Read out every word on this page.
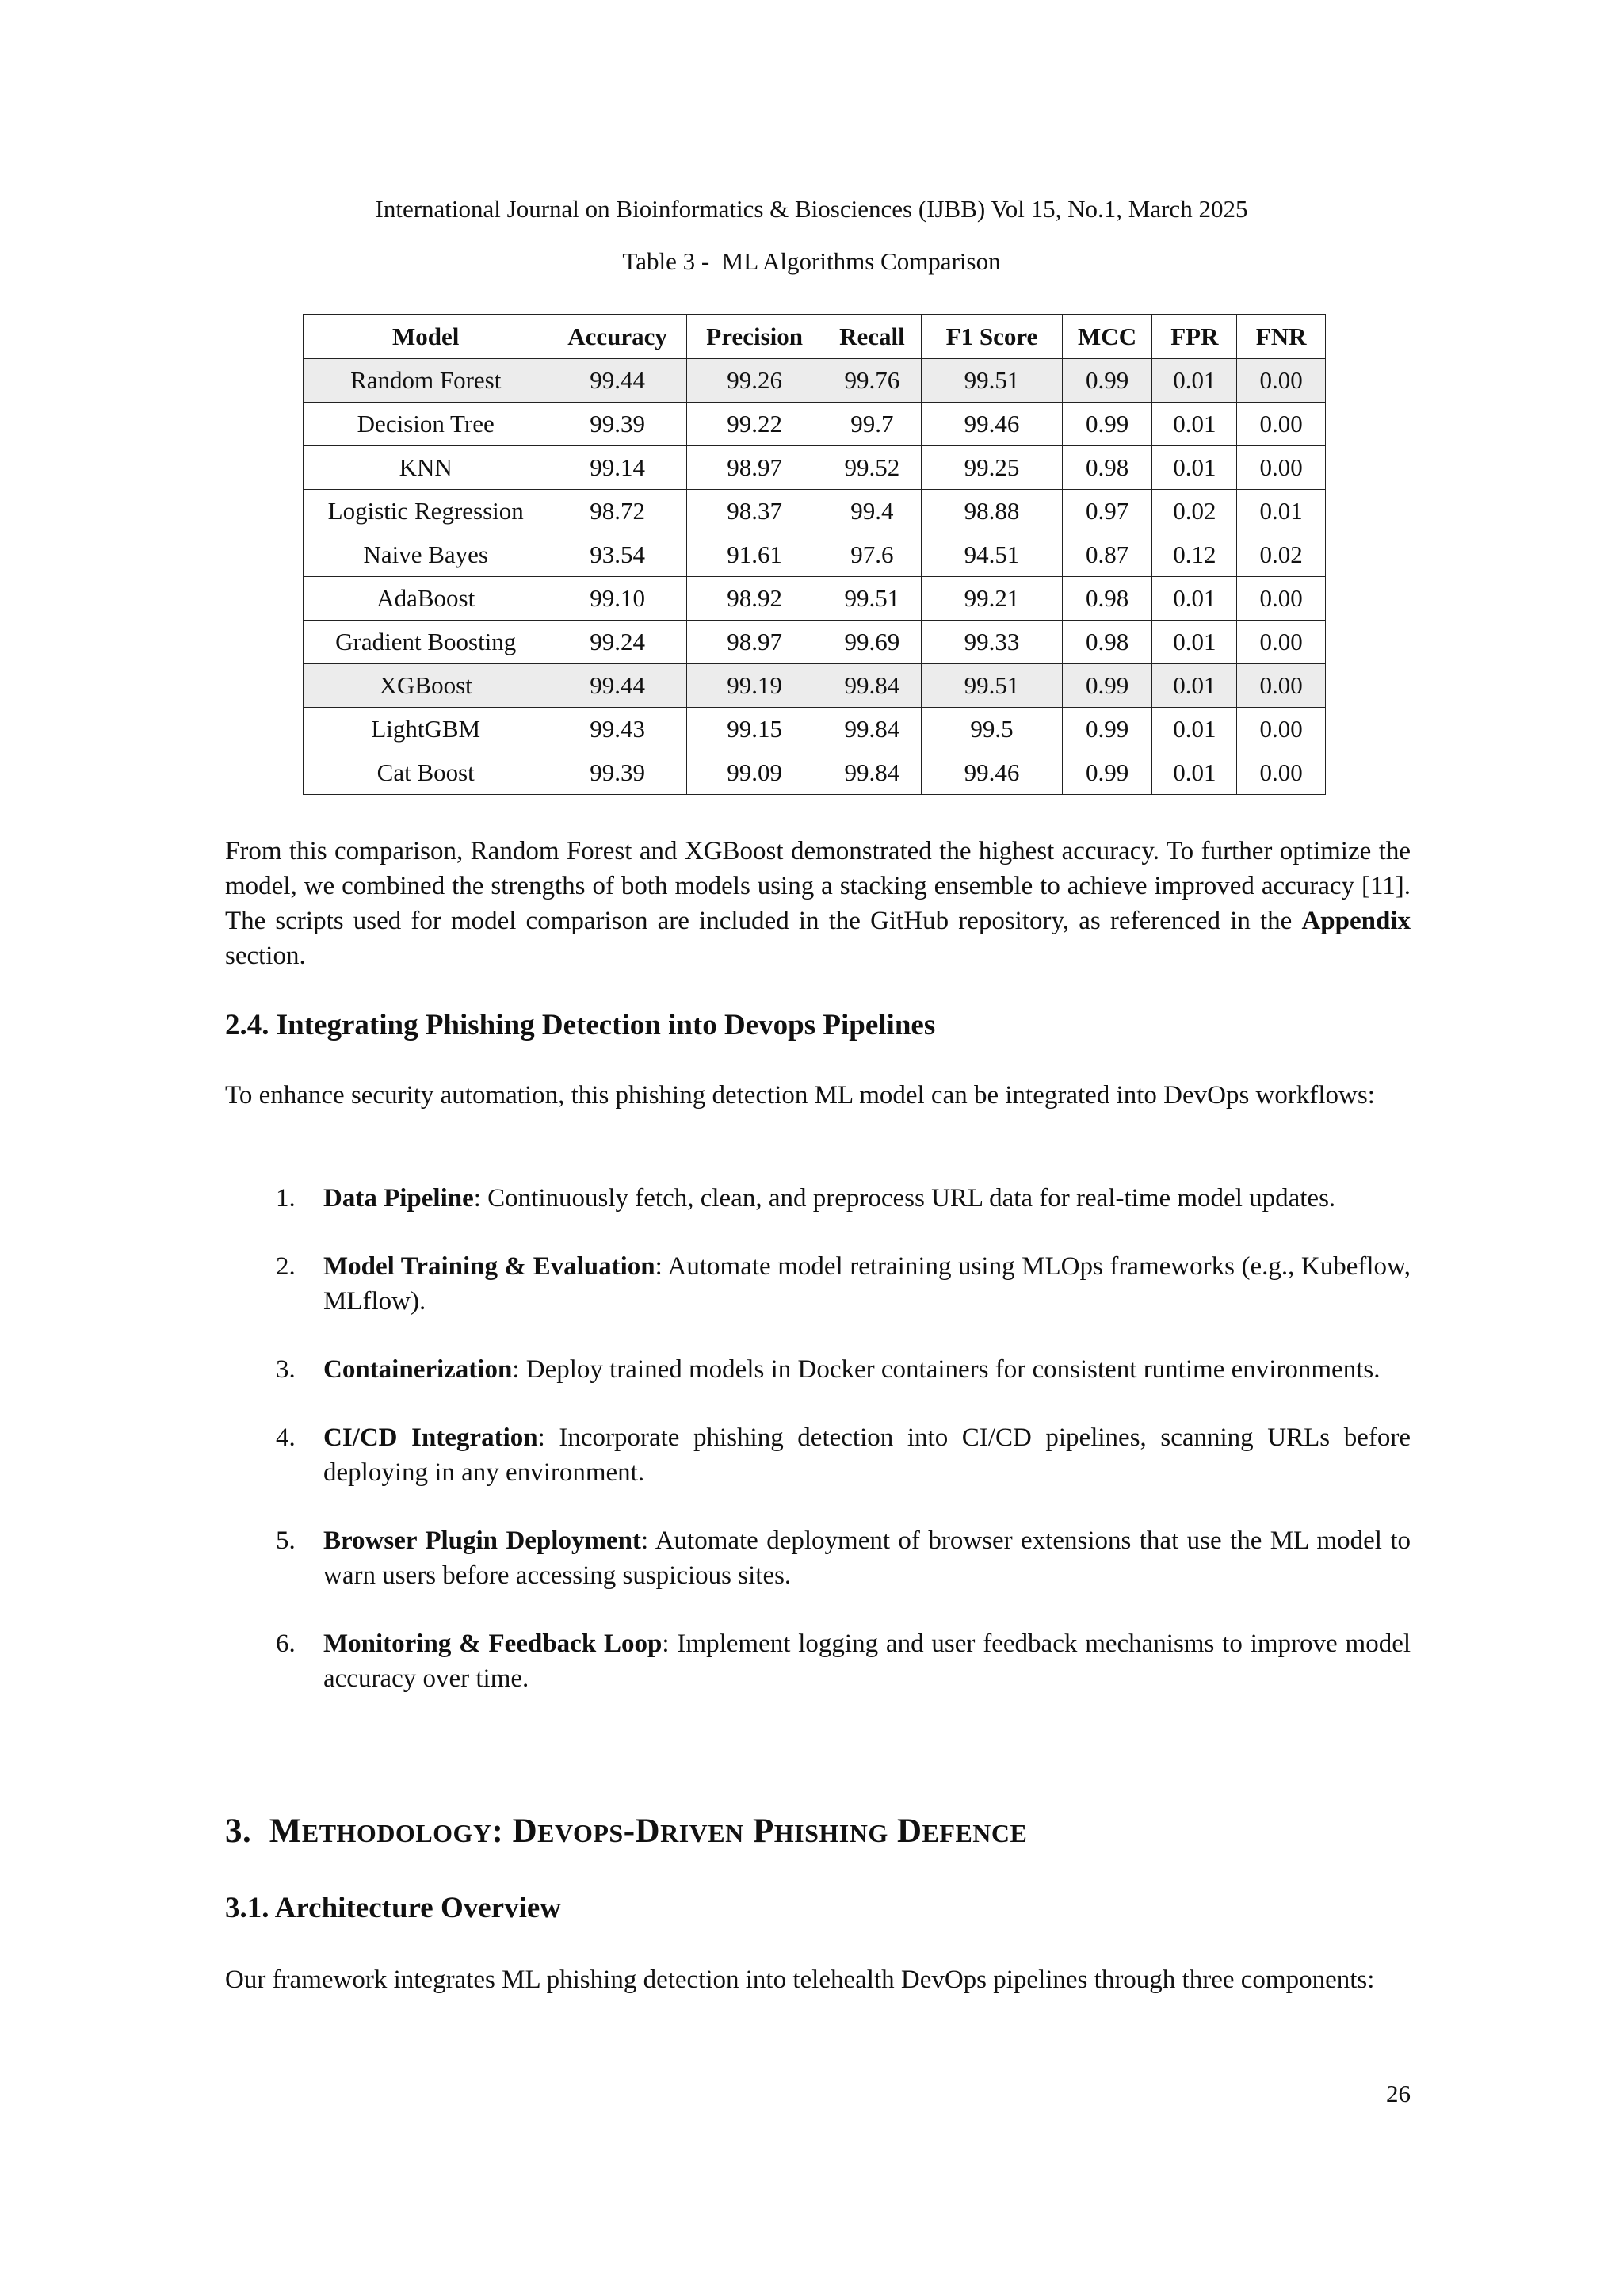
International Journal on Bioinformatics & Biosciences (IJBB) Vol 15, No.1, March 2025
Table 3 - ML Algorithms Comparison
Model	Accuracy	Precision	Recall	F1 Score	MCC	FPR	FNR
Random Forest	99.44	99.26	99.76	99.51	0.99	0.01	0.00
Decision Tree	99.39	99.22	99.7	99.46	0.99	0.01	0.00
KNN	99.14	98.97	99.52	99.25	0.98	0.01	0.00
Logistic Regression	98.72	98.37	99.4	98.88	0.97	0.02	0.01
Naive Bayes	93.54	91.61	97.6	94.51	0.87	0.12	0.02
AdaBoost	99.10	98.92	99.51	99.21	0.98	0.01	0.00
Gradient Boosting	99.24	98.97	99.69	99.33	0.98	0.01	0.00
XGBoost	99.44	99.19	99.84	99.51	0.99	0.01	0.00
LightGBM	99.43	99.15	99.84	99.5	0.99	0.01	0.00
Cat Boost	99.39	99.09	99.84	99.46	0.99	0.01	0.00

From this comparison, Random Forest and XGBoost demonstrated the highest accuracy. To further optimize the model, we combined the strengths of both models using a stacking ensemble to achieve improved accuracy [11]. The scripts used for model comparison are included in the GitHub repository, as referenced in the Appendix section.

2.4. Integrating Phishing Detection into Devops Pipelines

To enhance security automation, this phishing detection ML model can be integrated into DevOps workflows:

1. Data Pipeline: Continuously fetch, clean, and preprocess URL data for real-time model updates.
2. Model Training & Evaluation: Automate model retraining using MLOps frameworks (e.g., Kubeflow, MLflow).
3. Containerization: Deploy trained models in Docker containers for consistent runtime environments.
4. CI/CD Integration: Incorporate phishing detection into CI/CD pipelines, scanning URLs before deploying in any environment.
5. Browser Plugin Deployment: Automate deployment of browser extensions that use the ML model to warn users before accessing suspicious sites.
6. Monitoring & Feedback Loop: Implement logging and user feedback mechanisms to improve model accuracy over time.
3. METHODOLOGY: DEVOPS-DRIVEN PHISHING DEFENCE
3.1. Architecture Overview

Our framework integrates ML phishing detection into telehealth DevOps pipelines through three components:

26
